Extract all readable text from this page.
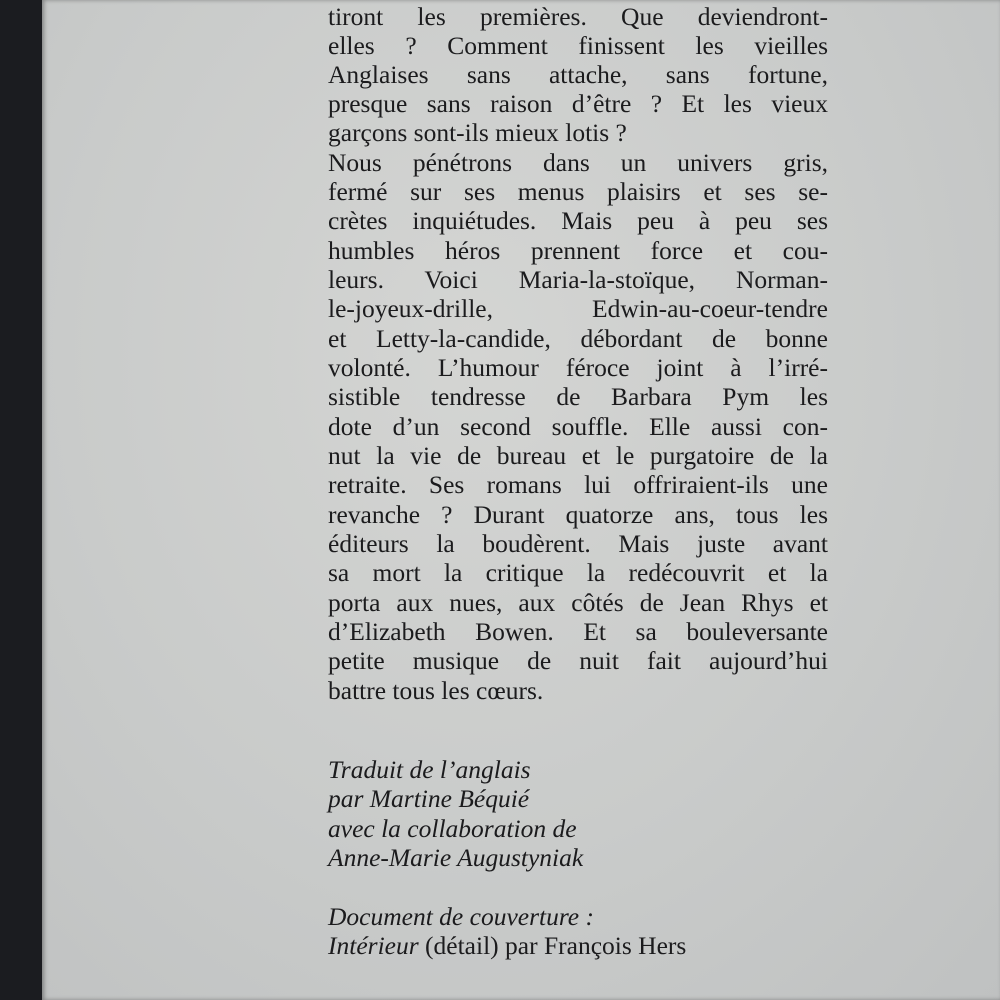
tiront les premières. Que deviendront-
elles ? Comment finissent les vieilles
Anglaises sans attache, sans fortune,
presque sans raison d’être ? Et les vieux
garçons sont-ils mieux lotis ?
Nous pénétrons dans un univers gris,
fermé sur ses menus plaisirs et ses se-
crètes inquiétudes. Mais peu à peu ses
humbles héros prennent force et cou-
leurs. Voici Maria-la-stoïque, Norman-
le-joyeux-drille, Edwin-au-coeur-tendre
et Letty-la-candide, débordant de bonne
volonté. L’humour féroce joint à l’irré-
sistible tendresse de Barbara Pym les
dote d’un second souffle. Elle aussi con-
nut la vie de bureau et le purgatoire de la
retraite. Ses romans lui offriraient-ils une
revanche ? Durant quatorze ans, tous les
éditeurs la boudèrent. Mais juste avant
sa mort la critique la redécouvrit et la
porta aux nues, aux côtés de Jean Rhys et
d’Elizabeth Bowen. Et sa bouleversante
petite musique de nuit fait aujourd’hui
battre tous les cœurs.
Traduit de l’anglais
par Martine Béquié
avec la collaboration de
Anne-Marie Augustyniak
Document de couverture :
Intérieur (détail) par François Hers
